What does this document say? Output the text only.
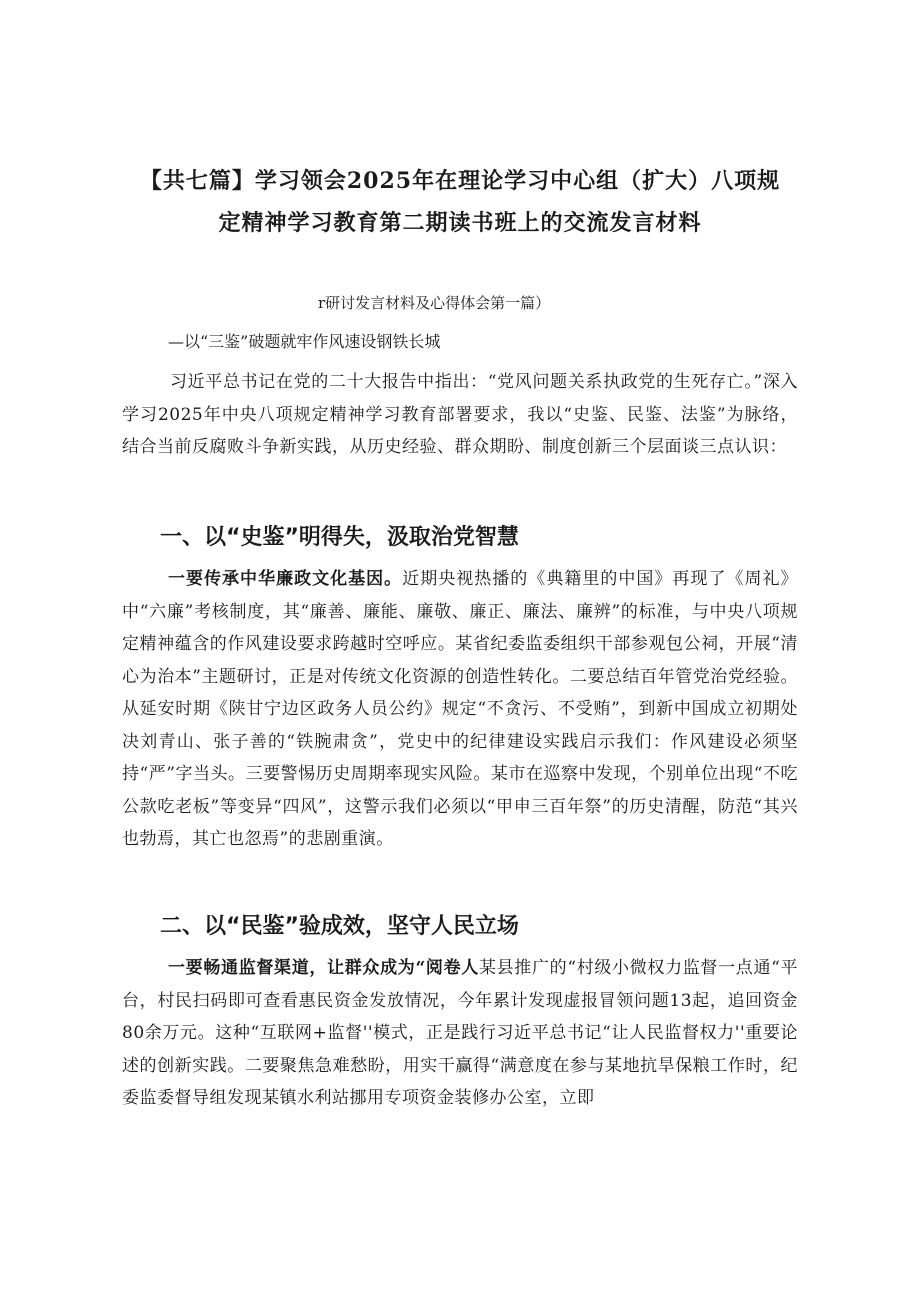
【共七篇】学习领会2025年在理论学习中心组（扩大）八项规
定精神学习教育第二期读书班上的交流发言材料
r研讨发言材料及心得体会第一篇）
—以“三鉴”破题就牢作风速设钢铁长城
习近平总书记在党的二十大报告中指出：“党风问题关系执政党的生死存亡。”深入学习2025年中央八项规定精神学习教育部署要求，我以“史鉴、民鉴、法鉴”为脉络，结合当前反腐败斗争新实践，从历史经验、群众期盼、制度创新三个层面谈三点认识：
一、以“史鉴”明得失，汲取治党智慧
一要传承中华廉政文化基因。近期央视热播的《典籍里的中国》再现了《周礼》中“六廉”考核制度，其“廉善、廉能、廉敬、廉正、廉法、廉辨”的标准，与中央八项规定精神蕴含的作风建设要求跨越时空呼应。某省纪委监委组织干部参观包公祠，开展“清心为治本”主题研讨，正是对传统文化资源的创造性转化。二要总结百年管党治党经验。从延安时期《陕甘宁边区政务人员公约》规定“不贪污、不受贿”，到新中国成立初期处决刘青山、张子善的“铁腕肃贪”，党史中的纪律建设实践启示我们：作风建设必须坚持“严”字当头。三要警惕历史周期率现实风险。某市在巡察中发现，个别单位出现“不吃公款吃老板”等变异“四风”，这警示我们必须以“甲申三百年祭”的历史清醒，防范“其兴也勃焉，其亡也忽焉”的悲剧重演。
二、以“民鉴”验成效，坚守人民立场
一要畅通监督渠道，让群众成为“阅卷人某县推广的“村级小微权力监督一点通“平台，村民扫码即可查看惠民资金发放情况，今年累计发现虚报冒领问题13起，追回资金80余万元。这种“互联网+监督''模式，正是践行习近平总书记“让人民监督权力''重要论述的创新实践。二要聚焦急难愁盼，用实干赢得“满意度在参与某地抗旱保粮工作时，纪委监委督导组发现某镇水利站挪用专项资金装修办公室，立即
